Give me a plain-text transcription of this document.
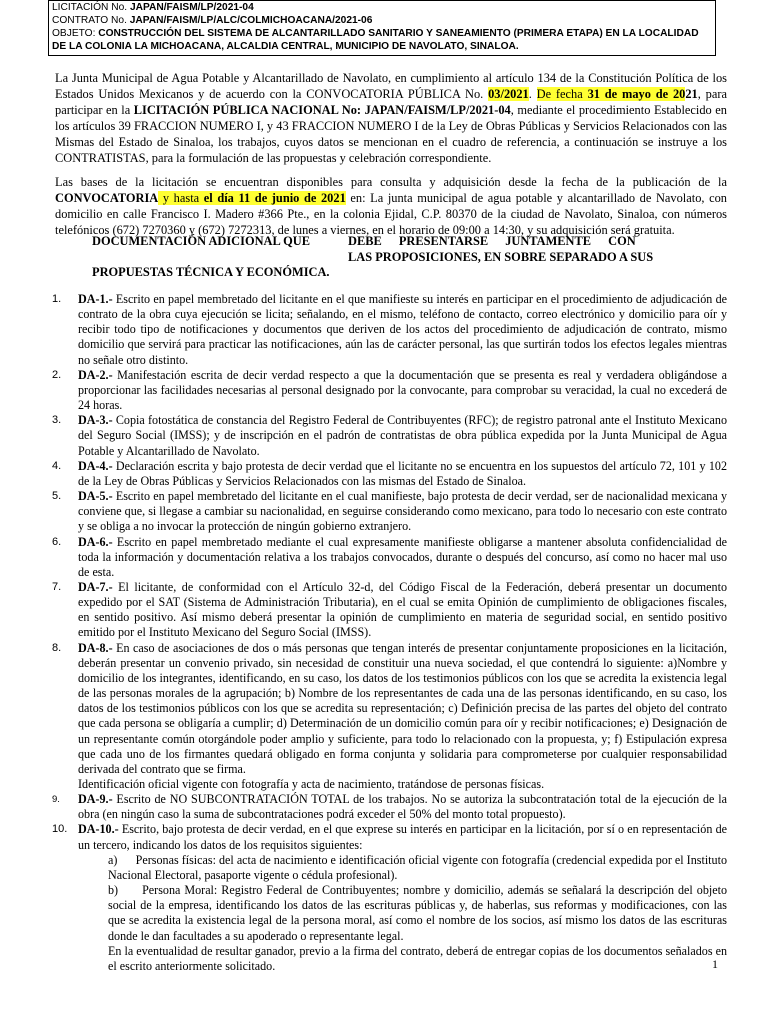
LICITACIÓN No. JAPAN/FAISM/LP/2021-04
CONTRATO No. JAPAN/FAISM/LP/ALC/COLMICHOACANA/2021-06
OBJETO: CONSTRUCCIÓN DEL SISTEMA DE ALCANTARILLADO SANITARIO Y SANEAMIENTO (PRIMERA ETAPA) EN LA LOCALIDAD DE LA COLONIA LA MICHOACANA, ALCALDIA CENTRAL, MUNICIPIO DE NAVOLATO, SINALOA.
La Junta Municipal de Agua Potable y Alcantarillado de Navolato, en cumplimiento al artículo 134 de la Constitución Política de los Estados Unidos Mexicanos y de acuerdo con la CONVOCATORIA PÚBLICA No. 03/2021. De fecha 31 de mayo de 2021, para participar en la LICITACIÓN PÚBLICA NACIONAL No: JAPAN/FAISM/LP/2021-04, mediante el procedimiento Establecido en los artículos 39 FRACCION NUMERO I, y 43 FRACCION NUMERO I de la Ley de Obras Públicas y Servicios Relacionados con las Mismas del Estado de Sinaloa, los trabajos, cuyos datos se mencionan en el cuadro de referencia, a continuación se instruye a los CONTRATISTAS, para la formulación de las propuestas y celebración correspondiente.
Las bases de la licitación se encuentran disponibles para consulta y adquisición desde la fecha de la publicación de la CONVOCATORIA y hasta el día 11 de junio de 2021 en: La junta municipal de agua potable y alcantarillado de Navolato, con domicilio en calle Francisco I. Madero #366 Pte., en la colonia Ejidal, C.P. 80370 de la ciudad de Navolato, Sinaloa, con números telefónicos (672) 7270360 y (672) 7272313, de lunes a viernes, en el horario de 09:00 a 14:30, y su adquisición será gratuita.
DOCUMENTACIÓN ADICIONAL QUE	DEBE PRESENTARSE JUNTAMENTE CON
LAS PROPOSICIONES, EN SOBRE SEPARADO A SUS
PROPUESTAS TÉCNICA Y ECONÓMICA.
1. DA-1.- Escrito en papel membretado del licitante en el que manifieste su interés en participar en el procedimiento de adjudicación de contrato de la obra cuya ejecución se licita; señalando, en el mismo, teléfono de contacto, correo electrónico y domicilio para oír y recibir todo tipo de notificaciones y documentos que deriven de los actos del procedimiento de adjudicación de contrato, mismo domicilio que servirá para practicar las notificaciones, aún las de carácter personal, las que surtirán todos los efectos legales mientras no señale otro distinto.
2. DA-2.- Manifestación escrita de decir verdad respecto a que la documentación que se presenta es real y verdadera obligándose a proporcionar las facilidades necesarias al personal designado por la convocante, para comprobar su veracidad, la cual no excederá de 24 horas.
3. DA-3.- Copia fotostática de constancia del Registro Federal de Contribuyentes (RFC); de registro patronal ante el Instituto Mexicano del Seguro Social (IMSS); y de inscripción en el padrón de contratistas de obra pública expedida por la Junta Municipal de Agua Potable y Alcantarillado de Navolato.
4. DA-4.- Declaración escrita y bajo protesta de decir verdad que el licitante no se encuentra en los supuestos del artículo 72, 101 y 102 de la Ley de Obras Públicas y Servicios Relacionados con las mismas del Estado de Sinaloa.
5. DA-5.- Escrito en papel membretado del licitante en el cual manifieste, bajo protesta de decir verdad, ser de nacionalidad mexicana y conviene que, si llegase a cambiar su nacionalidad, en seguirse considerando como mexicano, para todo lo necesario con este contrato y se obliga a no invocar la protección de ningún gobierno extranjero.
6. DA-6.- Escrito en papel membretado mediante el cual expresamente manifieste obligarse a mantener absoluta confidencialidad de toda la información y documentación relativa a los trabajos convocados, durante o después del concurso, así como no hacer mal uso de esta.
7. DA-7.- El licitante, de conformidad con el Artículo 32-d, del Código Fiscal de la Federación, deberá presentar un documento expedido por el SAT (Sistema de Administración Tributaria), en el cual se emita Opinión de cumplimiento de obligaciones fiscales, en sentido positivo. Así mismo deberá presentar la opinión de cumplimiento en materia de seguridad social, en sentido positivo emitido por el Instituto Mexicano del Seguro Social (IMSS).
8. DA-8.- En caso de asociaciones de dos o más personas que tengan interés de presentar conjuntamente proposiciones en la licitación, deberán presentar un convenio privado, sin necesidad de constituir una nueva sociedad, el que contendrá lo siguiente: a)Nombre y domicilio de los integrantes, identificando, en su caso, los datos de los testimonios públicos con los que se acredita la existencia legal de las personas morales de la agrupación; b) Nombre de los representantes de cada una de las personas identificando, en su caso, los datos de los testimonios públicos con los que se acredita su representación; c) Definición precisa de las partes del objeto del contrato que cada persona se obligaría a cumplir; d) Determinación de un domicilio común para oír y recibir notificaciones; e) Designación de un representante común otorgándole poder amplio y suficiente, para todo lo relacionado con la propuesta, y; f) Estipulación expresa que cada uno de los firmantes quedará obligado en forma conjunta y solidaria para comprometerse por cualquier responsabilidad derivada del contrato que se firma.
Identificación oficial vigente con fotografía y acta de nacimiento, tratándose de personas físicas.
9. DA-9.- Escrito de NO SUBCONTRATACIÓN TOTAL de los trabajos. No se autoriza la subcontratación total de la ejecución de la obra (en ningún caso la suma de subcontrataciones podrá exceder el 50% del monto total propuesto).
10. DA-10.- Escrito, bajo protesta de decir verdad, en el que exprese su interés en participar en la licitación, por sí o en representación de un tercero, indicando los datos de los requisitos siguientes:
a)      Personas físicas: del acta de nacimiento e identificación oficial vigente con fotografía (credencial expedida por el Instituto Nacional Electoral, pasaporte vigente o cédula profesional).
b)      Persona Moral: Registro Federal de Contribuyentes; nombre y domicilio, además se señalará la descripción del objeto social de la empresa, identificando los datos de las escrituras públicas y, de haberlas, sus reformas y modificaciones, con las que se acredita la existencia legal de la persona moral, así como el nombre de los socios, así mismo los datos de las escrituras donde le dan facultades a su apoderado o representante legal.
En la eventualidad de resultar ganador, previo a la firma del contrato, deberá de entregar copias de los documentos señalados en el escrito anteriormente solicitado.	1
